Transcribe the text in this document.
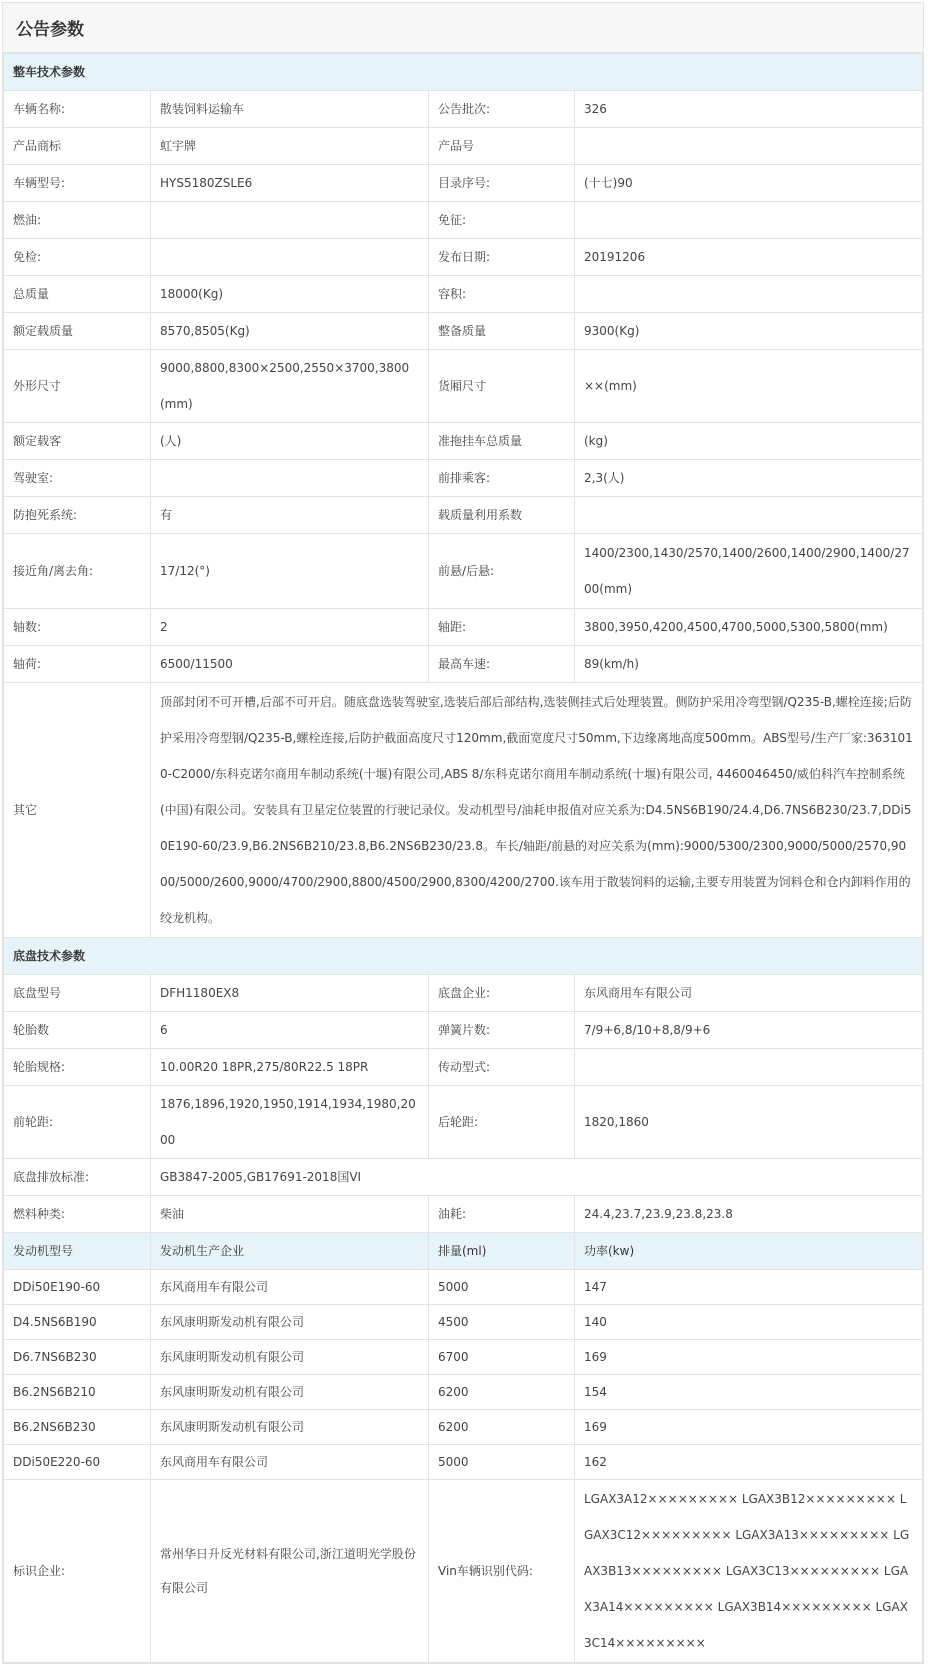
公告参数
整车技术参数			
车辆名称:	散装饲料运输车	公告批次:	326
产品商标	虹宇牌	产品号	
车辆型号:	HYS5180ZSLE6	目录序号:	(十七)90
燃油:		免征:	
免检:		发布日期:	20191206
总质量	18000(Kg)	容积:	
额定载质量	8570,8505(Kg)	整备质量	9300(Kg)
外形尺寸	9000,8800,8300×2500,2550×3700,3800(mm)	货厢尺寸	××(mm)
额定载客	(人)	准拖挂车总质量	(kg)
驾驶室:		前排乘客:	2,3(人)
防抱死系统:	有	载质量利用系数	
接近角/离去角:	17/12(°)	前悬/后悬:	1400/2300,1430/2570,1400/2600,1400/2900,1400/2700(mm)
轴数:	2	轴距:	3800,3950,4200,4500,4700,5000,5300,5800(mm)
轴荷:	6500/11500	最高车速:	89(km/h)
其它	顶部封闭不可开槽,后部不可开启。随底盘选装驾驶室,选装后部后部结构,选装侧挂式后处理装置。侧防护采用冷弯型钢/Q235-B,螺栓连接;后防护采用冷弯型钢/Q235-B,螺栓连接,后防护截面高度尺寸120mm,截面宽度尺寸50mm,下边缘离地高度500mm。ABS型号/生产厂家:3631010-C2000/东科克诺尔商用车制动系统(十堰)有限公司,ABS 8/东科克诺尔商用车制动系统(十堰)有限公司, 4460046450/威伯科汽车控制系统(中国)有限公司。安装具有卫星定位装置的行驶记录仪。发动机型号/油耗申报值对应关系为:D4.5NS6B190/24.4,D6.7NS6B230/23.7,DDi50E190-60/23.9,B6.2NS6B210/23.8,B6.2NS6B230/23.8。车长/轴距/前悬的对应关系为(mm):9000/5300/2300,9000/5000/2570,9000/5000/2600,9000/4700/2900,8800/4500/2900,8300/4200/2700.该车用于散装饲料的运输,主要专用装置为饲料仓和仓内卸料作用的绞龙机构。		
底盘技术参数			
底盘型号	DFH1180EX8	底盘企业:	东风商用车有限公司
轮胎数	6	弹簧片数:	7/9+6,8/10+8,8/9+6
轮胎规格:	10.00R20 18PR,275/80R22.5 18PR	传动型式:	
前轮距:	1876,1896,1920,1950,1914,1934,1980,2000	后轮距:	1820,1860
底盘排放标准:	GB3847-2005,GB17691-2018国VI		
燃料种类:	柴油	油耗:	24.4,23.7,23.9,23.8,23.8
发动机型号	发动机生产企业	排量(ml)	功率(kw)
DDi50E190-60	东风商用车有限公司	5000	147
D4.5NS6B190	东风康明斯发动机有限公司	4500	140
D6.7NS6B230	东风康明斯发动机有限公司	6700	169
B6.2NS6B210	东风康明斯发动机有限公司	6200	154
B6.2NS6B230	东风康明斯发动机有限公司	6200	169
DDi50E220-60	东风商用车有限公司	5000	162
标识企业:	常州华日升反光材料有限公司,浙江道明光学股份有限公司	Vin车辆识别代码:	LGAX3A12××××××××× LGAX3B12××××××××× LGAX3C12××××××××× LGAX3A13××××××××× LGAX3B13××××××××× LGAX3C13××××××××× LGAX3A14××××××××× LGAX3B14××××××××× LGAX3C14×××××××××
